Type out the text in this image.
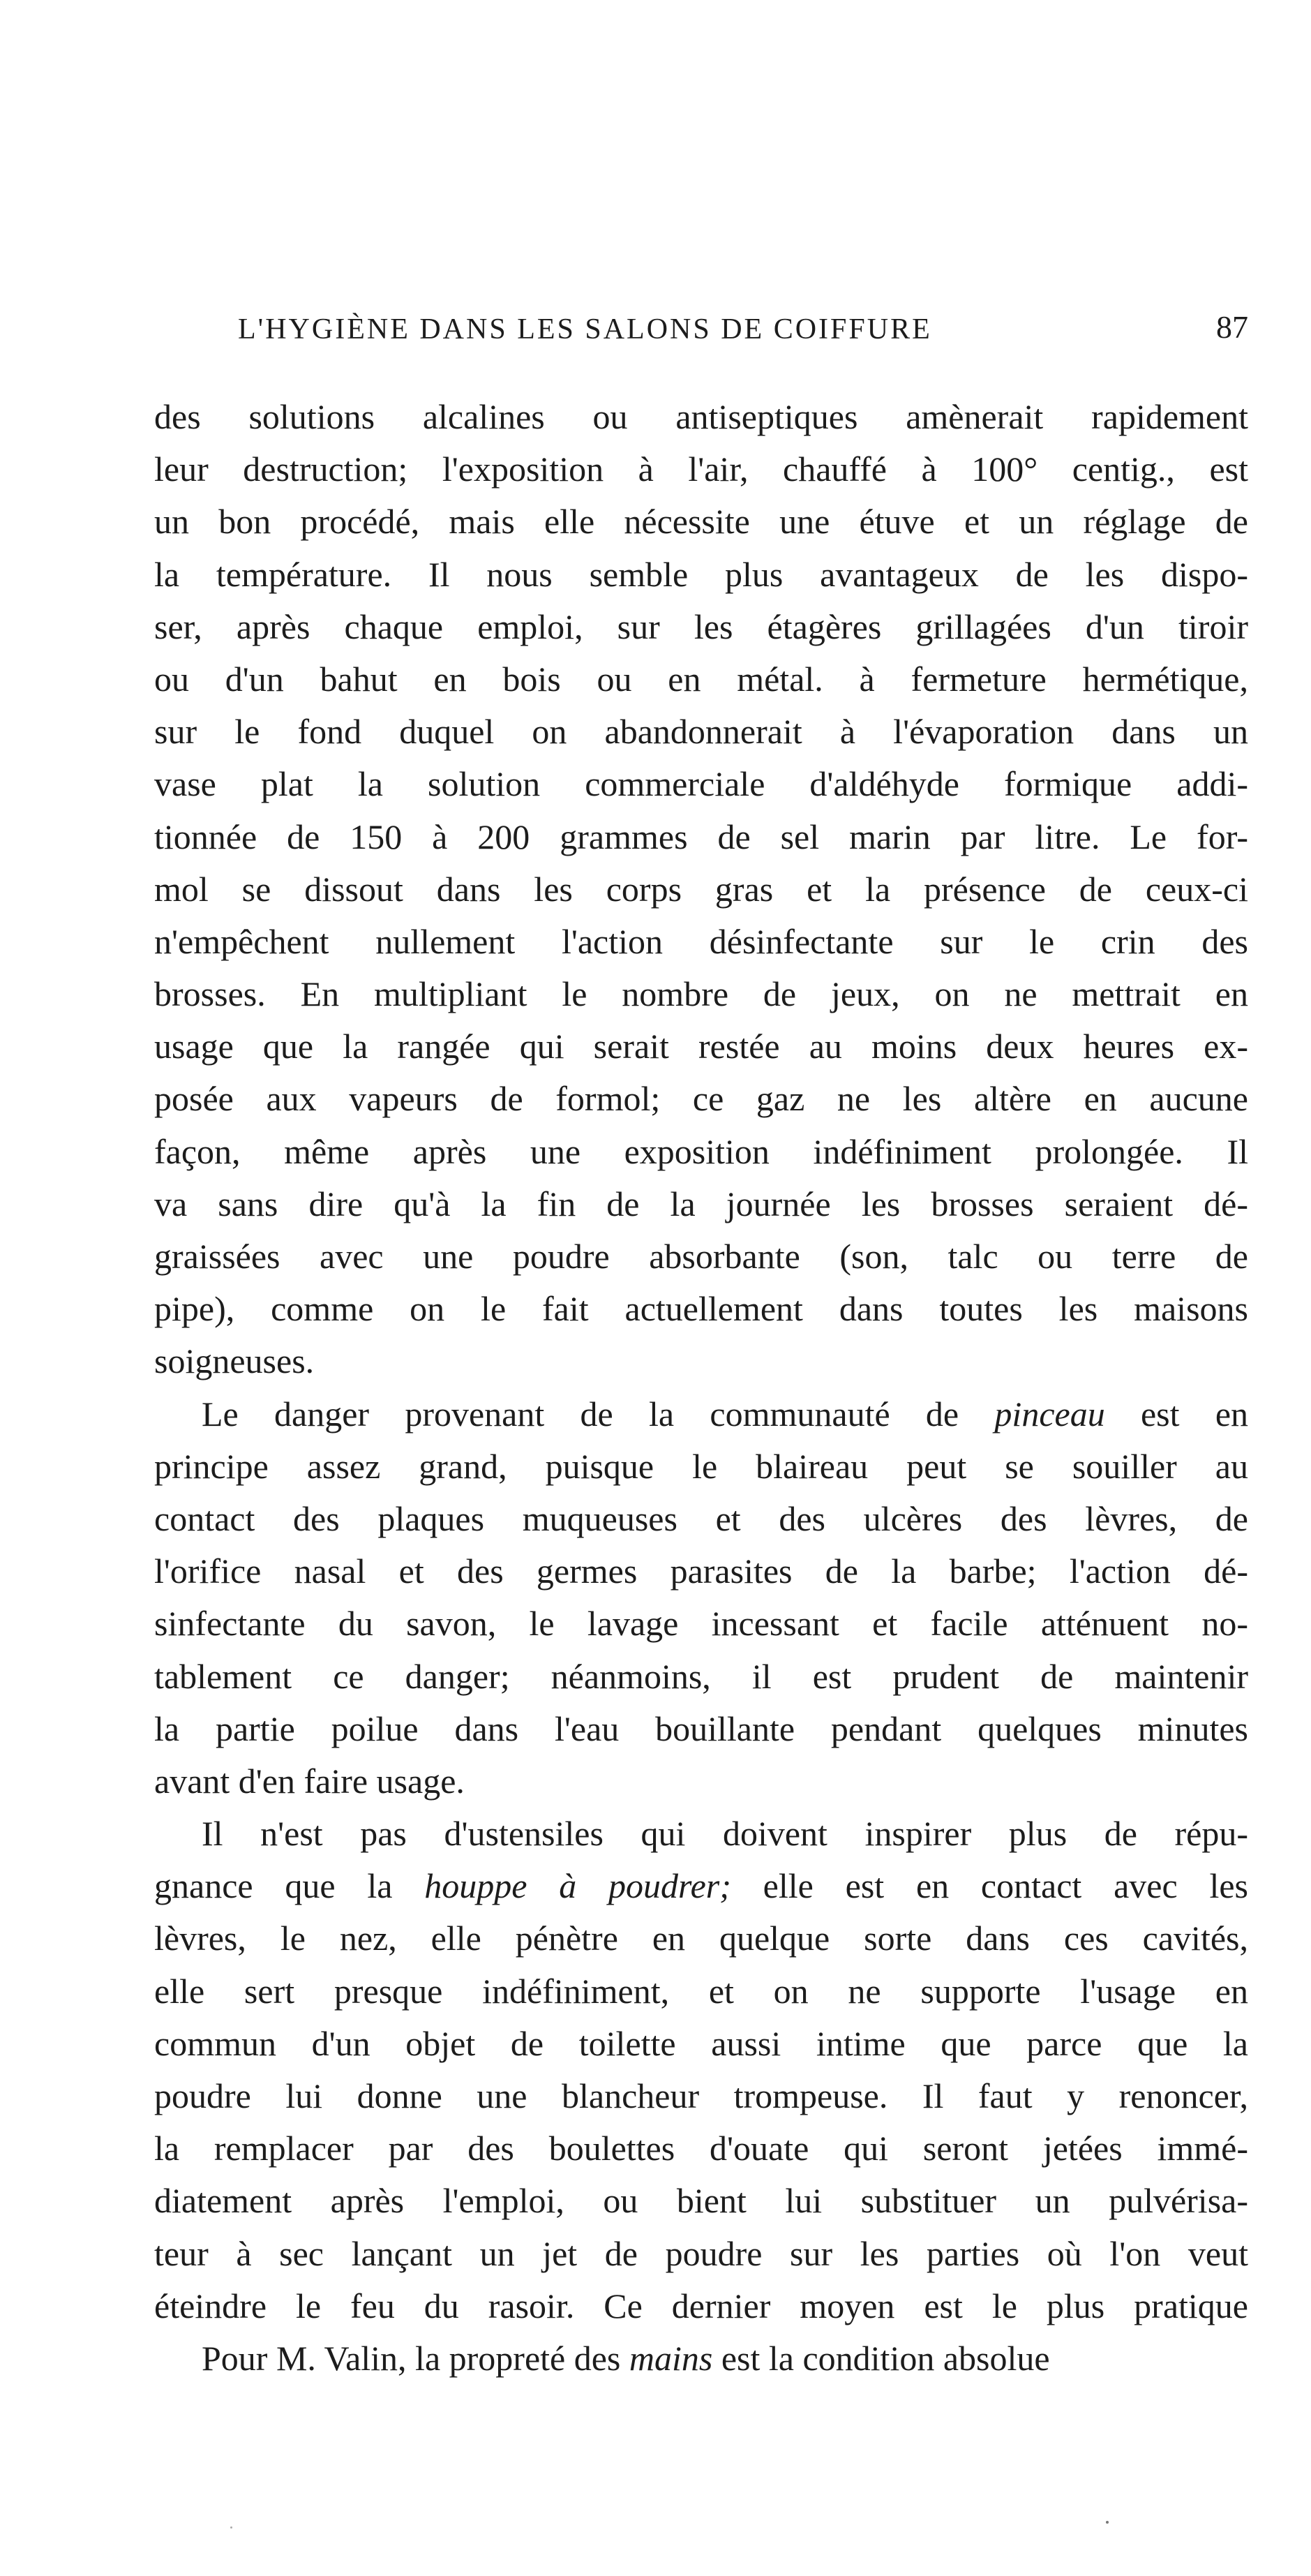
L'HYGIÈNE DANS LES SALONS DE COIFFURE	87
des solutions alcalines ou antiseptiques amènerait rapidement
leur destruction; l'exposition à l'air, chauffé à 100° centig., est
un bon procédé, mais elle nécessite une étuve et un réglage de
la température. Il nous semble plus avantageux de les dispo-
ser, après chaque emploi, sur les étagères grillagées d'un tiroir
ou d'un bahut en bois ou en métal. à fermeture hermétique,
sur le fond duquel on abandonnerait à l'évaporation dans un
vase plat la solution commerciale d'aldéhyde formique addi-
tionnée de 150 à 200 grammes de sel marin par litre. Le for-
mol se dissout dans les corps gras et la présence de ceux-ci
n'empêchent nullement l'action désinfectante sur le crin des
brosses. En multipliant le nombre de jeux, on ne mettrait en
usage que la rangée qui serait restée au moins deux heures ex-
posée aux vapeurs de formol; ce gaz ne les altère en aucune
façon, même après une exposition indéfiniment prolongée. Il
va sans dire qu'à la fin de la journée les brosses seraient dé-
graissées avec une poudre absorbante (son, talc ou terre de
pipe), comme on le fait actuellement dans toutes les maisons
soigneuses.
Le danger provenant de la communauté de pinceau est en
principe assez grand, puisque le blaireau peut se souiller au
contact des plaques muqueuses et des ulcères des lèvres, de
l'orifice nasal et des germes parasites de la barbe; l'action dé-
sinfectante du savon, le lavage incessant et facile atténuent no-
tablement ce danger; néanmoins, il est prudent de maintenir
la partie poilue dans l'eau bouillante pendant quelques minutes
avant d'en faire usage.
Il n'est pas d'ustensiles qui doivent inspirer plus de répu-
gnance que la houppe à poudrer; elle est en contact avec les
lèvres, le nez, elle pénètre en quelque sorte dans ces cavités,
elle sert presque indéfiniment, et on ne supporte l'usage en
commun d'un objet de toilette aussi intime que parce que la
poudre lui donne une blancheur trompeuse. Il faut y renoncer,
la remplacer par des boulettes d'ouate qui seront jetées immé-
diatement après l'emploi, ou bient lui substituer un pulvérisa-
teur à sec lançant un jet de poudre sur les parties où l'on veut
éteindre le feu du rasoir. Ce dernier moyen est le plus pratique
Pour M. Valin, la propreté des mains est la condition absolue
